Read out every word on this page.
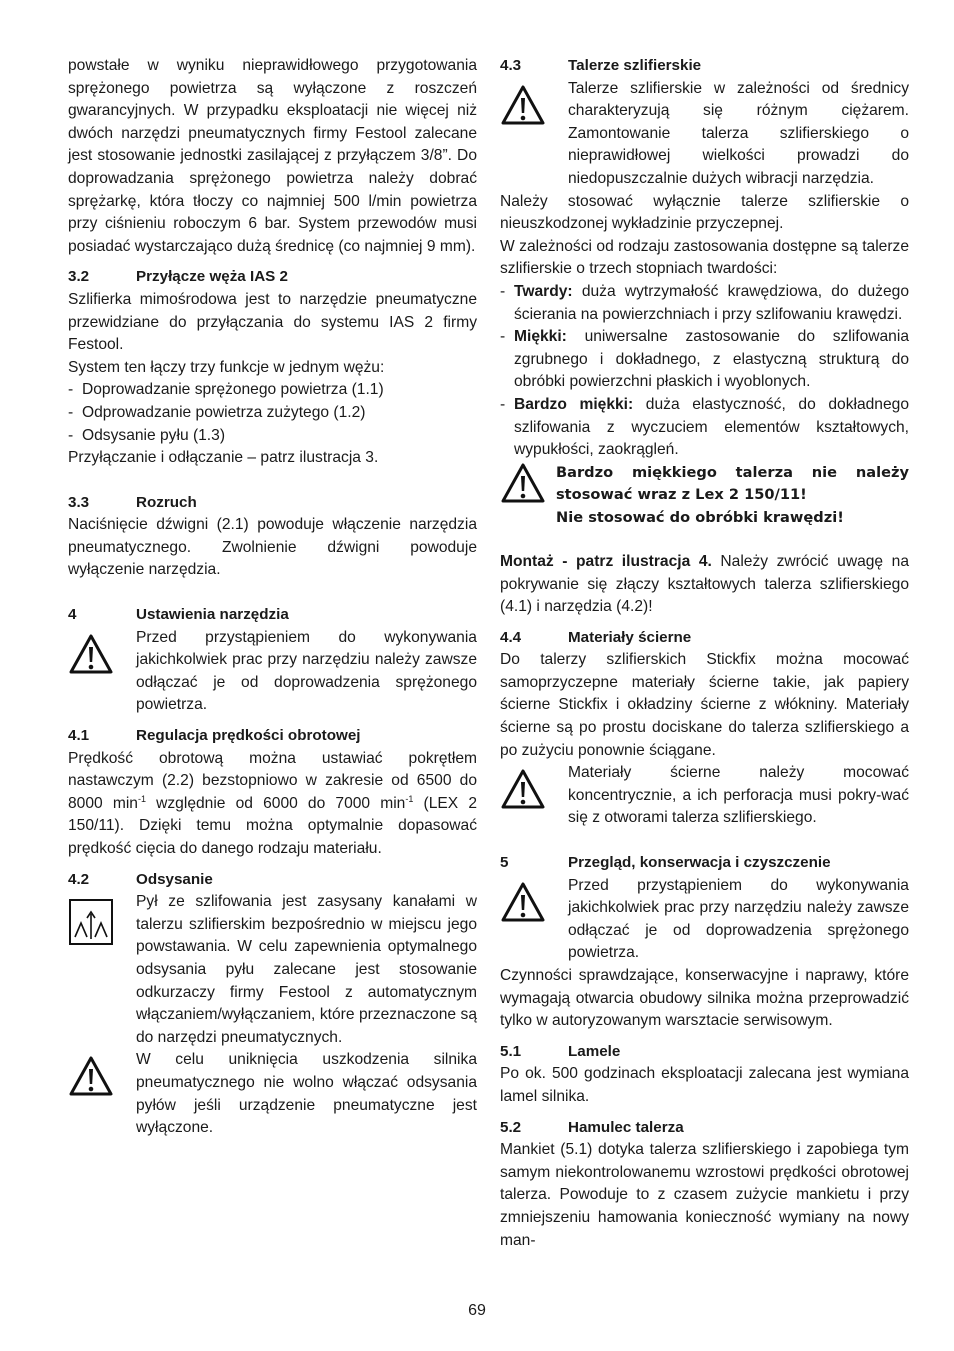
powstałe w wyniku nieprawidłowego przygotowania sprężonego powietrza są wyłączone z roszczeń gwarancyjnych. W przypadku eksploatacji nie więcej niż dwóch narzędzi pneumatycznych firmy Festool zalecane jest stosowanie jednostki zasilającej z przyłączem 3/8”. Do doprowadzania sprężonego powietrza należy dobrać sprężarkę, która tłoczy co najmniej 500 l/min powietrza przy ciśnieniu roboczym 6 bar. System przewodów musi posiadać wystarczająco dużą średnicę (co najmniej 9 mm).

3.2	Przyłącze węża IAS 2

Szlifierka mimośrodowa jest to narzędzie pneumatyczne przewidziane do przyłączania do systemu IAS 2 firmy Festool.

System ten łączy trzy funkcje w jednym wężu:

- Doprowadzanie sprężonego powietrza (1.1)
- Odprowadzanie powietrza zużytego (1.2)
- Odsysanie pyłu (1.3)

Przyłączanie i odłączanie – patrz ilustracja 3.

3.3	Rozruch

Naciśnięcie dźwigni (2.1) powoduje włączenie narzędzia pneumatycznego. Zwolnienie dźwigni powoduje wyłączenie narzędzia.

4	Ustawienia narzędzia

Przed przystąpieniem do wykonywania jakichkolwiek prac przy narzędziu należy zawsze odłączać je od doprowadzenia sprężonego powietrza.

4.1	Regulacja prędkości obrotowej

Prędkość obrotową można ustawiać pokrętłem nastawczym (2.2) bezstopniowo w zakresie od 6500 do 8000 $\min^{-1}$ względnie od 6000 do 7000 $\min^{-1} (LEX$ 2 150/11). Dzięki temu można optymalnie dopasować prędkość cięcia do danego rodzaju materiału.

4.2	Odsysanie

Pył ze szlifowania jest zasysany kanałami w talerzu szlifierskim bezpośrednio w miejscu jego powstawania. W celu zapewnienia optymalnego odsysania pyłu zalecane jest stosowanie odkurzaczy firmy Festool z automatycznym włączaniem/wyłączaniem, które przeznaczone są do narzędzi pneumatycznych.

W celu uniknięcia uszkodzenia silnika pneumatycznego nie wolno włączać odsysania pyłów jeśli urządzenie pneumatyczne jest wyłączone.

4.3	Talerze szlifierskie

Talerze szlifierskie w zależności od średnicy charakteryzują się różnym ciężarem. Zamontowanie talerza szlifierskiego o nieprawidłowej wielkości prowadzi do niedopuszczalnie dużych wibracji narzędzia.

Należy stosować wyłącznie talerze szlifierskie o nieuszkodzonej wykładzinie przyczepnej.

W zależności od rodzaju zastosowania dostępne są talerze szlifierskie o trzech stopniach twardości:

- Twardy: duża wytrzymałość krawędziowa, do dużego ścierania na powierzchniach i przy szlifowaniu krawędzi.
- Miękki: uniwersalne zastosowanie do szlifowania zgrubnego i dokładnego, z elastyczną strukturą do obróbki powierzchni płaskich i wyoblonych.
- Bardzo miękki: duża elastyczność, do dokładnego szlifowania z wyczuciem elementów kształtowych, wypukłości, zaokrągleń.

Bardzo miękkiego talerza nie należy stosować wraz z Lex 2 150/11!

Nie stosować do obróbki krawędzi!

Montaż - patrz ilustracja 4. Należy zwrócić uwagę na pokrywanie się złączy kształtowych talerza szlifierskiego (4.1) i narzędzia (4.2)!

4.4	Materiały ścierne

Do talerzy szlifierskich Stickfix można mocować samoprzyczepne materiały ścierne takie, jak papiery ścierne Stickfix i okładziny ścierne z włókniny. Materiały ścierne są po prostu dociskane do talerza szlifierskiego a po zużyciu ponownie ściągane.

Materiały ścierne należy mocować koncentrycznie, a ich perforacja musi pokry-wać się z otworami talerza szlifierskiego.

5	Przegląd, konserwacja i czyszczenie

Przed przystąpieniem do wykonywania jakichkolwiek prac przy narzędziu należy zawsze odłączać je od doprowadzenia sprężonego powietrza.

Czynności sprawdzające, konserwacyjne i naprawy, które wymagają otwarcia obudowy silnika można przeprowadzić tylko w autoryzowanym warsztacie serwisowym.

5.1	Lamele

Po ok. 500 godzinach eksploatacji zalecana jest wymiana lamel silnika.

5.2	Hamulec talerza

Mankiet (5.1) dotyka talerza szlifierskiego i zapobiega tym samym niekontrolowanemu wzrostowi prędkości obrotowej talerza. Powoduje to z czasem zużycie mankietu i przy zmniejszeniu hamowania konieczność wymiany na nowy man-

69
